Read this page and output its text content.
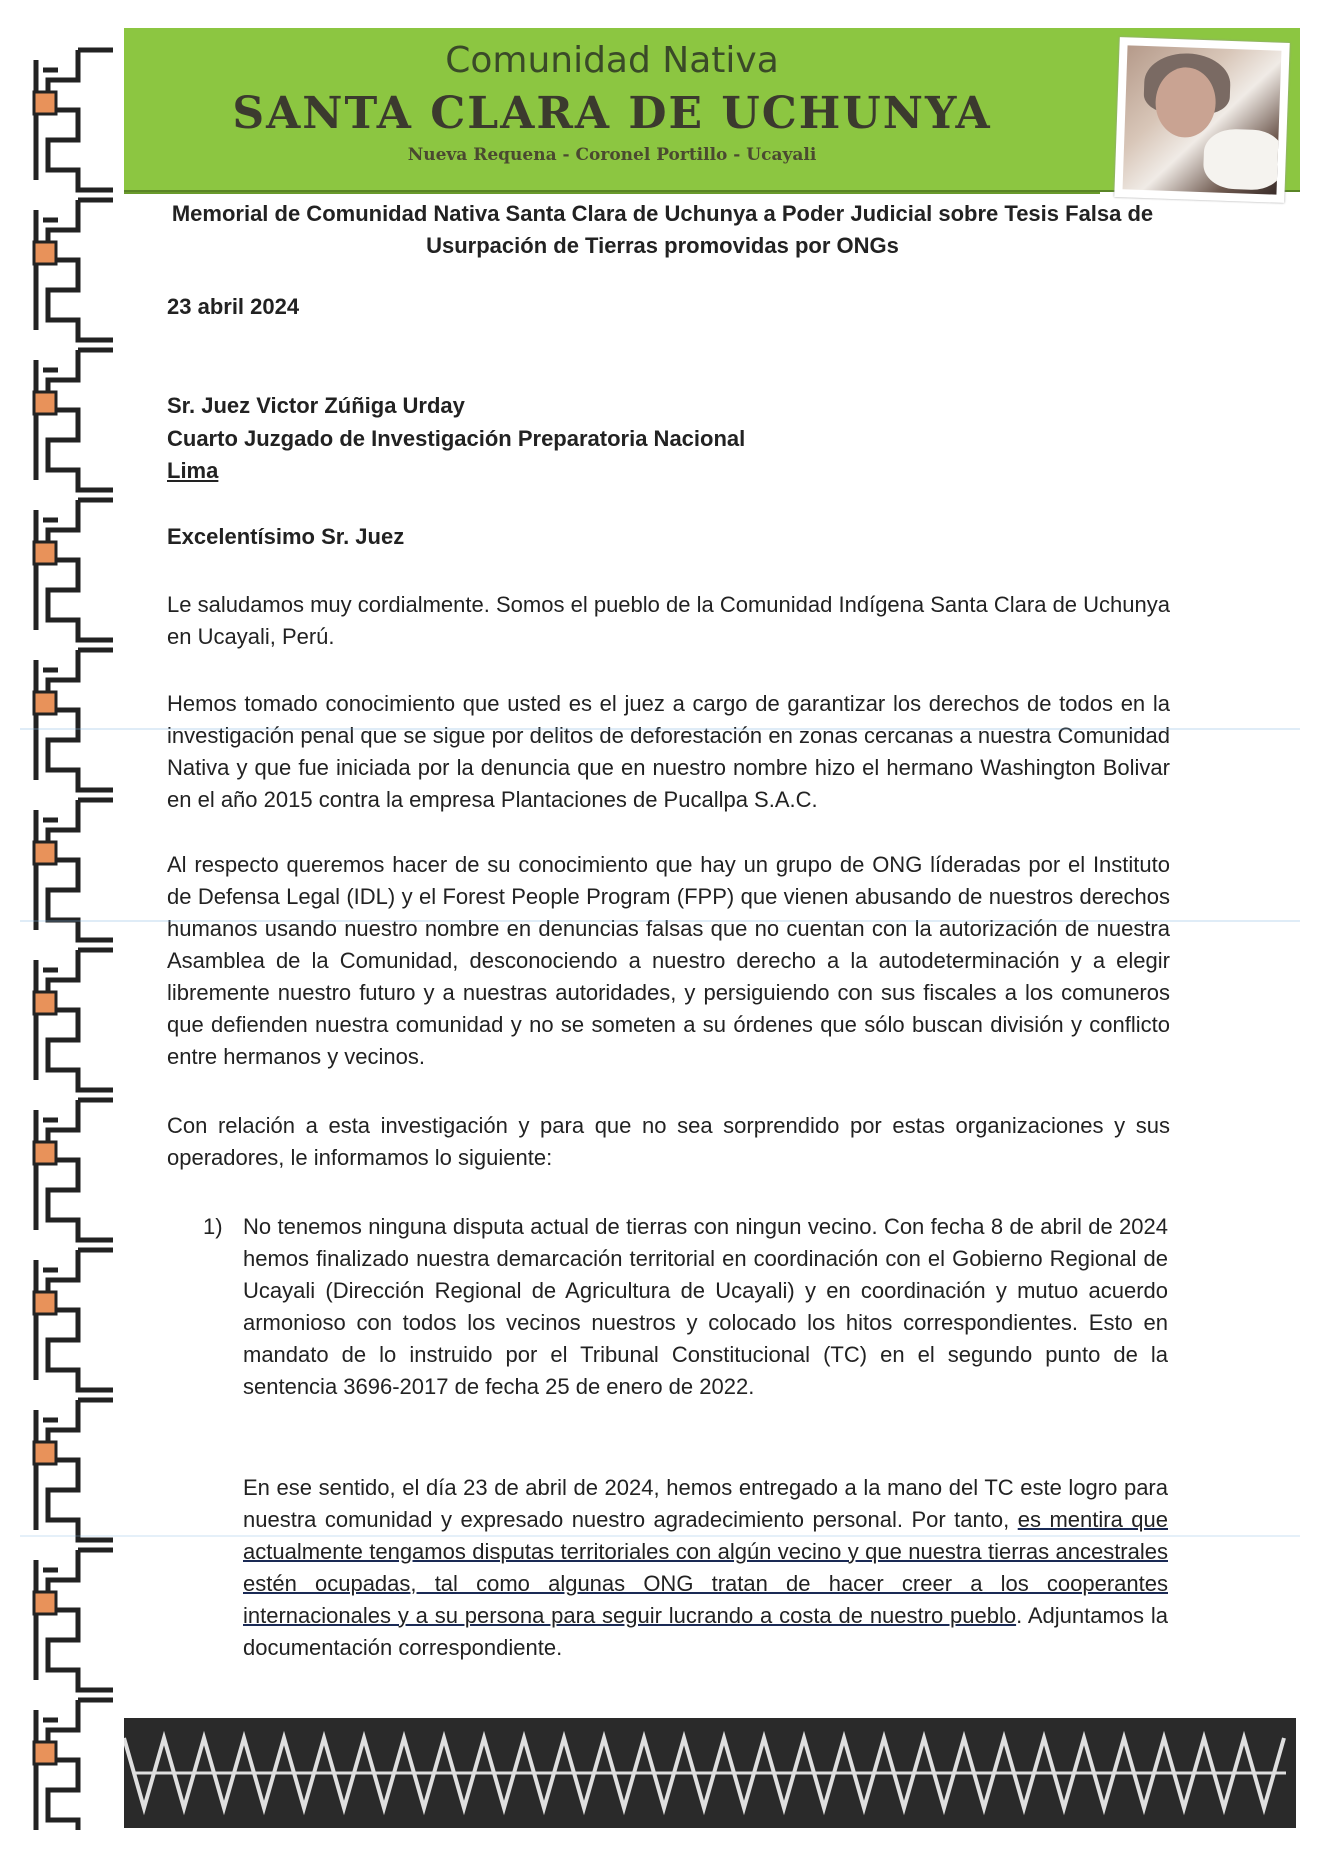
Comunidad Nativa
SANTA CLARA DE UCHUNYA
Nueva Requena - Coronel Portillo - Ucayali
Memorial de Comunidad Nativa Santa Clara de Uchunya a Poder Judicial sobre Tesis Falsa de Usurpación de Tierras promovidas por ONGs
23 abril 2024
Sr. Juez Victor Zúñiga Urday
Cuarto Juzgado de Investigación Preparatoria Nacional
Lima
Excelentísimo Sr. Juez
Le saludamos muy cordialmente. Somos el pueblo de la Comunidad Indígena Santa Clara de Uchunya en Ucayali, Perú.
Hemos tomado conocimiento que usted es el juez a cargo de garantizar los derechos de todos en la investigación penal que se sigue por delitos de deforestación en zonas cercanas a nuestra Comunidad Nativa y que fue iniciada por la denuncia que en nuestro nombre hizo el hermano Washington Bolivar en el año 2015 contra la empresa Plantaciones de Pucallpa S.A.C.
Al respecto queremos hacer de su conocimiento que hay un grupo de ONG líderadas por el Instituto de Defensa Legal (IDL) y el Forest People Program (FPP) que vienen abusando de nuestros derechos humanos usando nuestro nombre en denuncias falsas que no cuentan con la autorización de nuestra Asamblea de la Comunidad, desconociendo a nuestro derecho a la autodeterminación y a elegir libremente nuestro futuro y a nuestras autoridades, y persiguiendo con sus fiscales a los comuneros que defienden nuestra comunidad y no se someten a su órdenes que sólo buscan división y conflicto entre hermanos y vecinos.
Con relación a esta investigación y para que no sea sorprendido por estas organizaciones y sus operadores, le informamos lo siguiente:
1) No tenemos ninguna disputa actual de tierras con ningun vecino. Con fecha 8 de abril de 2024 hemos finalizado nuestra demarcación territorial en coordinación con el Gobierno Regional de Ucayali (Dirección Regional de Agricultura de Ucayali) y en coordinación y mutuo acuerdo armonioso con todos los vecinos nuestros y colocado los hitos correspondientes. Esto en mandato de lo instruido por el Tribunal Constitucional (TC) en el segundo punto de la sentencia 3696-2017 de fecha 25 de enero de 2022.
En ese sentido, el día 23 de abril de 2024, hemos entregado a la mano del TC este logro para nuestra comunidad y expresado nuestro agradecimiento personal. Por tanto, es mentira que actualmente tengamos disputas territoriales con algún vecino y que nuestra tierras ancestrales estén ocupadas, tal como algunas ONG tratan de hacer creer a los cooperantes internacionales y a su persona para seguir lucrando a costa de nuestro pueblo. Adjuntamos la documentación correspondiente.
